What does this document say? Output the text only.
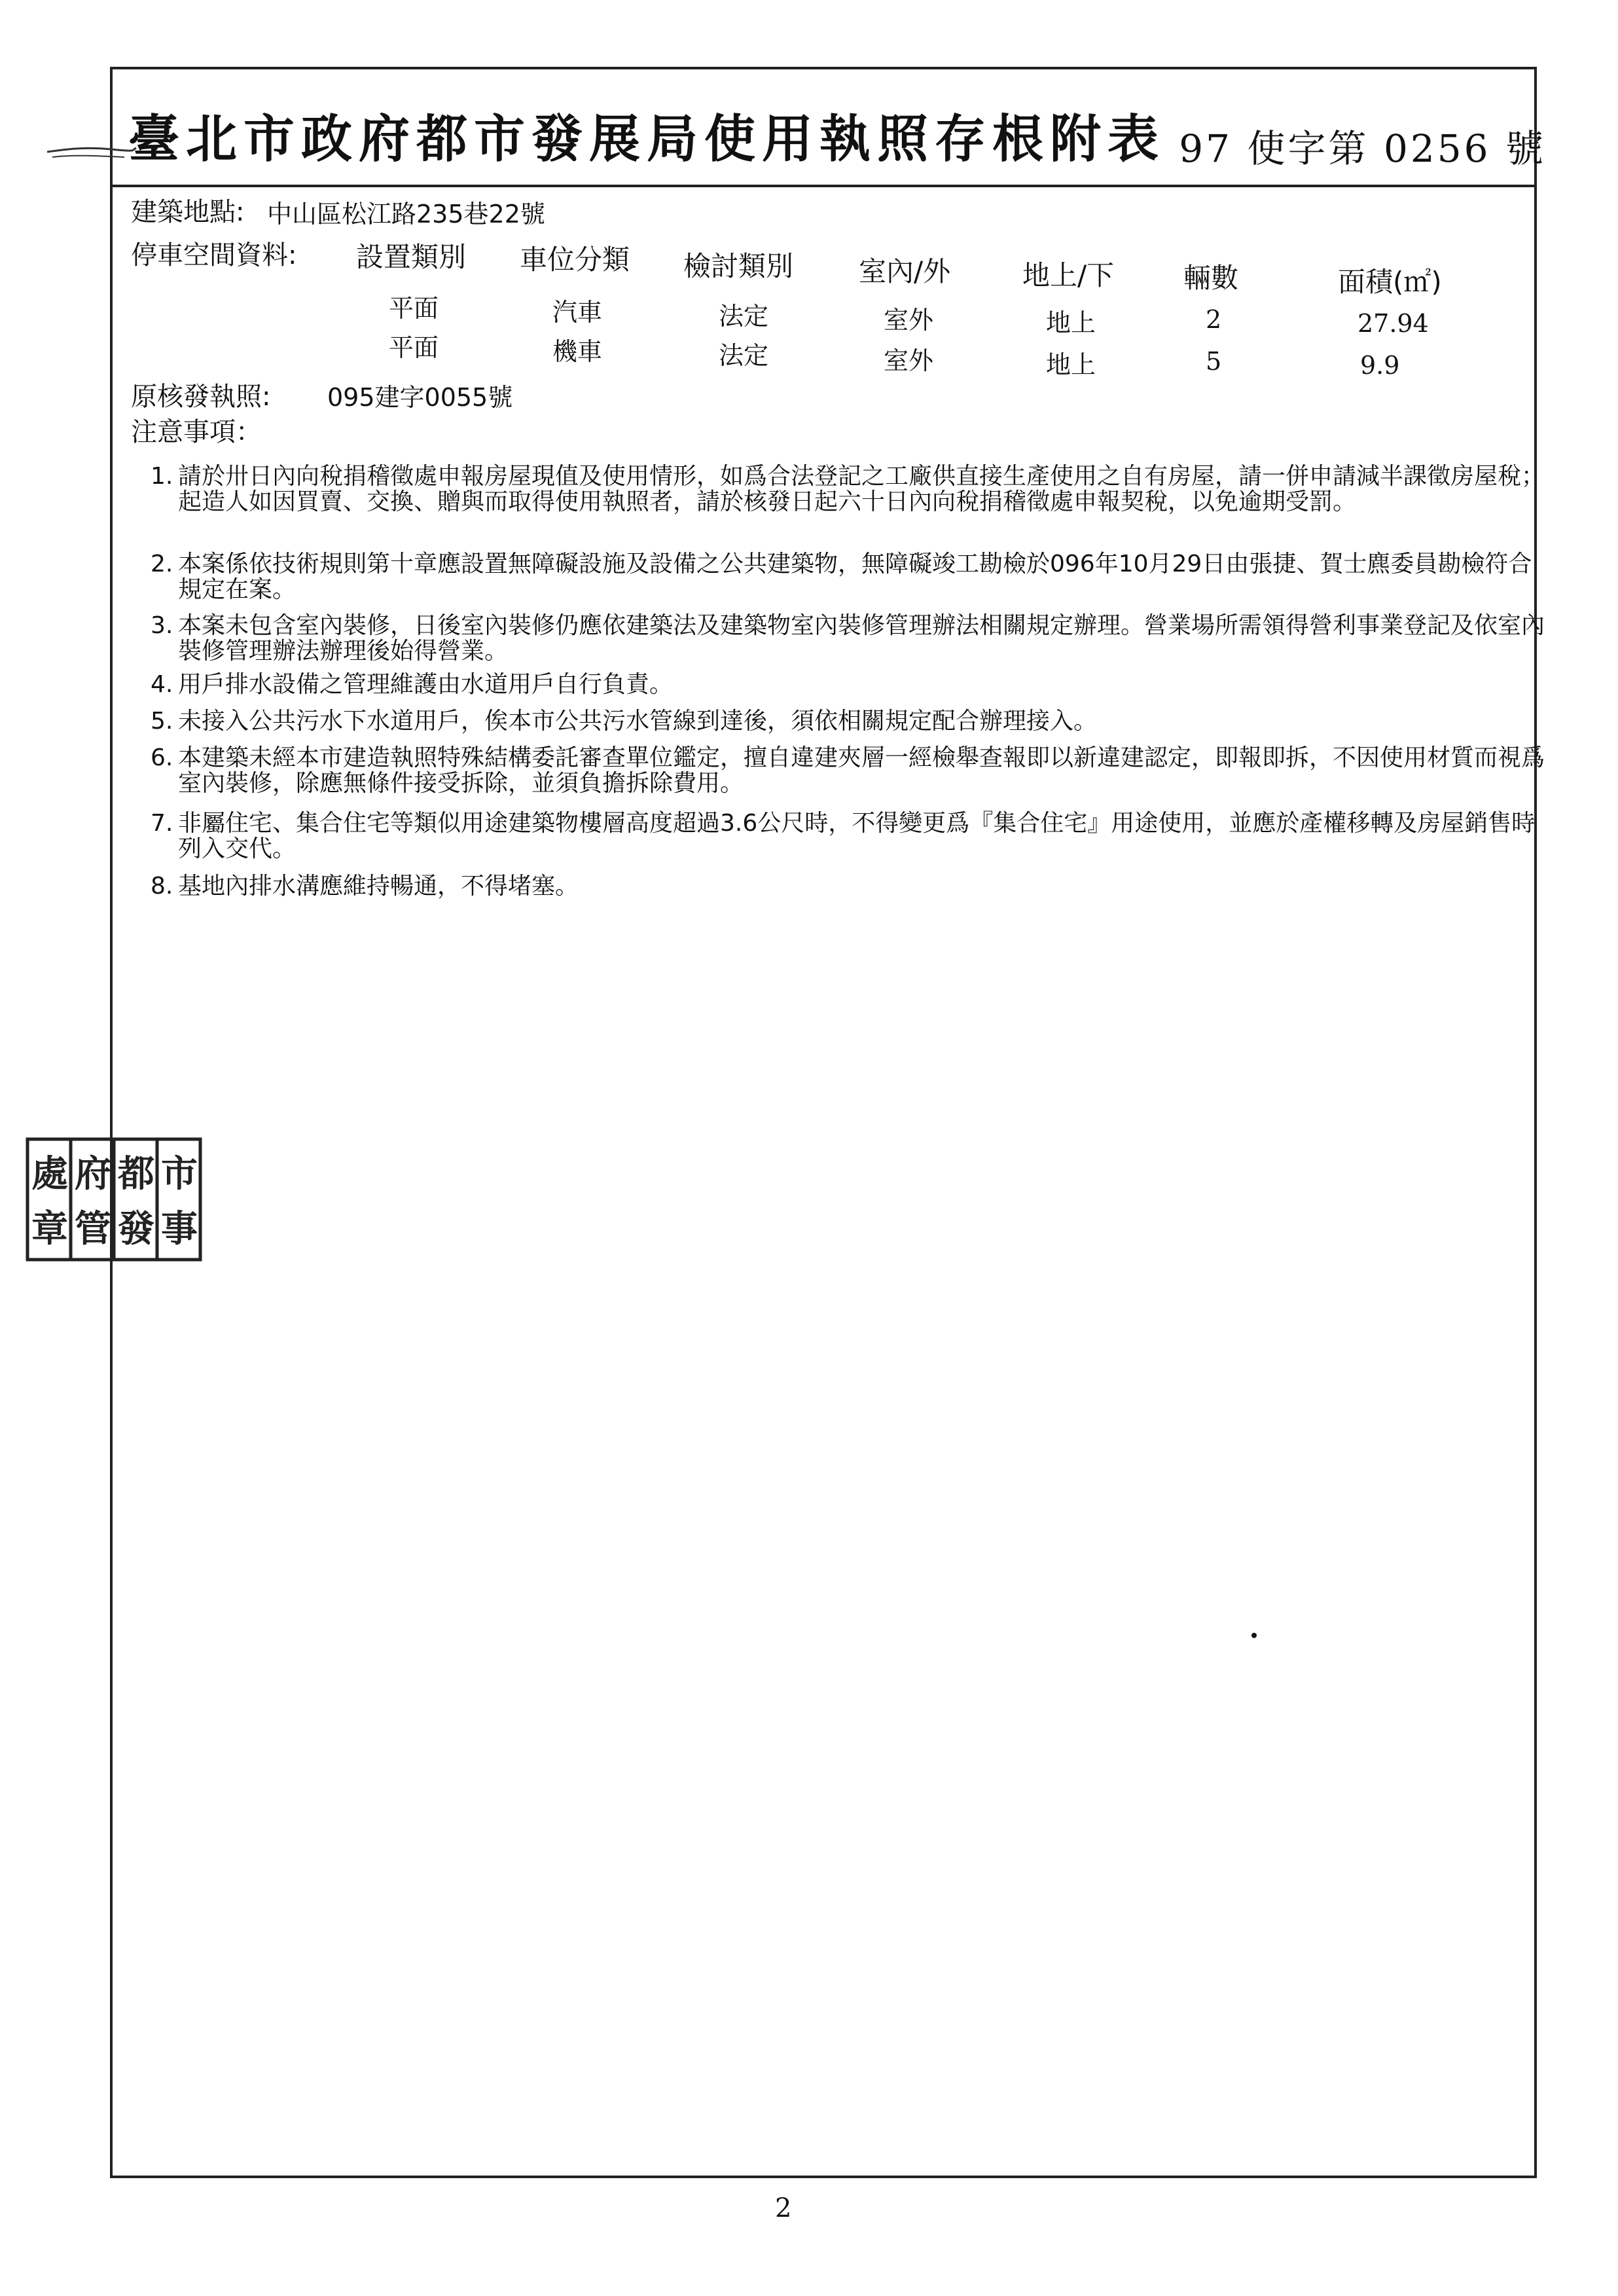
臺北市政府都市發展局使用執照存根附表 97 使字第 0256 號
建築地點: 中山區松江路235巷22號
停車空間資料: 設置類別 車位分類 檢討類別 室內/外	地上/下	輛數	面積(㎡)
平面	汽車	法定	室外	地上	2	27.94
平面	機車	法定	室外	地上	5	9.9
原核發執照: 095建字0055號
注意事項：
1. 請於卅日內向稅捐稽徵處申報房屋現值及使用情形，如爲合法登記之工廠供直接生產使用之自有房屋，請一併申請減半課徵房屋稅；起造人如因買賣、交換、贈與而取得使用執照者，請於核發日起六十日內向稅捐稽徵處申報契稅，以免逾期受罰。
2. 本案係依技術規則第十章應設置無障礙設施及設備之公共建築物，無障礙竣工勘檢於096年10月29日由張捷、賀士麃委員勘檢符合規定在案。
3. 本案未包含室內裝修，日後室內裝修仍應依建築法及建築物室內裝修管理辦法相關規定辦理。營業場所需領得營利事業登記及依室內裝修管理辦法辦理後始得營業。
4. 用戶排水設備之管理維護由水道用戶自行負責。
5. 未接入公共污水下水道用戶，俟本市公共污水管線到達後，須依相關規定配合辦理接入。
6. 本建築未經本市建造執照特殊結構委託審查單位鑑定，擅自違建夾層一經檢舉查報即以新違建認定，即報即拆，不因使用材質而視爲室內裝修，除應無條件接受拆除，並須負擔拆除費用。
7. 非屬住宅、集合住宅等類似用途建築物樓層高度超過3.6公尺時，不得變更爲『集合住宅』用途使用，並應於產權移轉及房屋銷售時列入交代。
8. 基地內排水溝應維持暢通，不得堵塞。
市
事
都
發
府
管
處
章
2
